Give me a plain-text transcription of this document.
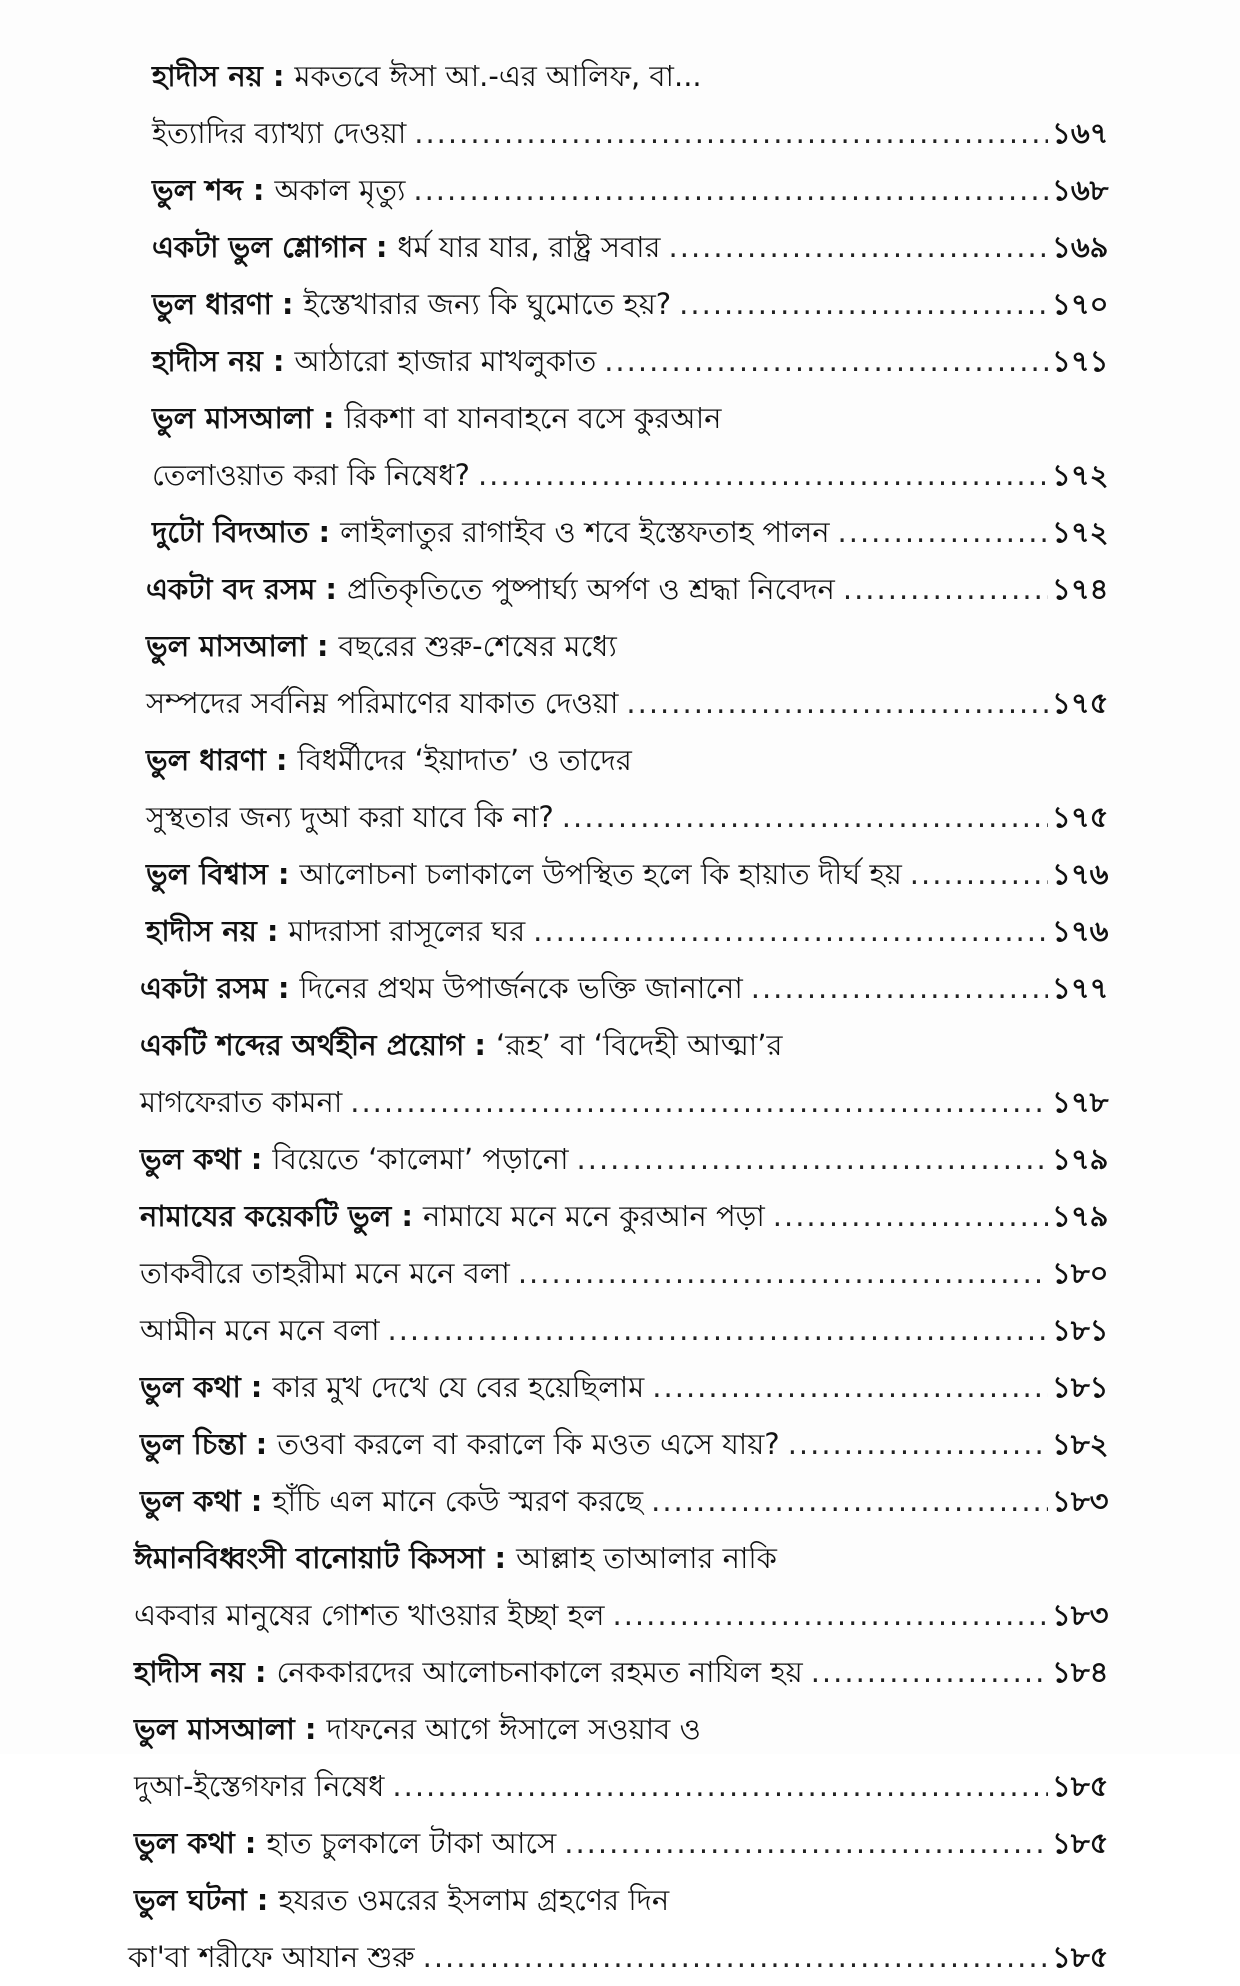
হাদীস নয় : মকতবে ঈসা আ.-এর আলিফ, বা...
ইত্যাদির ব্যাখ্যা দেওয়া .....	১৬৭
ভুল শব্দ : অকাল মৃত্যু .....	১৬৮
একটা ভুল শ্লোগান : ধর্ম যার যার, রাষ্ট্র সবার .....	১৬৯
ভুল ধারণা : ইস্তেখারার জন্য কি ঘুমোতে হয়? .....	১৭০
হাদীস নয় : আঠারো হাজার মাখলুকাত .....	১৭১
ভুল মাসআলা : রিকশা বা যানবাহনে বসে কুরআন
তেলাওয়াত করা কি নিষেধ? .....	১৭২
দুটো বিদআত : লাইলাতুর রাগাইব ও শবে ইস্তেফতাহ পালন .....	১৭২
একটা বদ রসম : প্রতিকৃতিতে পুষ্পার্ঘ্য অর্পণ ও শ্রদ্ধা নিবেদন .....	১৭৪
ভুল মাসআলা : বছরের শুরু-শেষের মধ্যে
সম্পদের সর্বনিম্ন পরিমাণের যাকাত দেওয়া .....	১৭৫
ভুল ধারণা : বিধর্মীদের ‘ইয়াদাত’ ও তাদের
সুস্থতার জন্য দুআ করা যাবে কি না? .....	১৭৫
ভুল বিশ্বাস : আলোচনা চলাকালে উপস্থিত হলে কি হায়াত দীর্ঘ হয় .....	১৭৬
হাদীস নয় : মাদরাসা রাসূলের ঘর .....	১৭৬
একটা রসম : দিনের প্রথম উপার্জনকে ভক্তি জানানো .....	১৭৭
একটি শব্দের অর্থহীন প্রয়োগ : ‘রূহ’ বা ‘বিদেহী আত্মা’র
মাগফেরাত কামনা .....	১৭৮
ভুল কথা : বিয়েতে ‘কালেমা’ পড়ানো .....	১৭৯
নামাযের কয়েকটি ভুল : নামাযে মনে মনে কুরআন পড়া .....	১৭৯
তাকবীরে তাহরীমা মনে মনে বলা .....	১৮০
আমীন মনে মনে বলা .....	১৮১
ভুল কথা : কার মুখ দেখে যে বের হয়েছিলাম .....	১৮১
ভুল চিন্তা : তওবা করলে বা করালে কি মওত এসে যায়? .....	১৮২
ভুল কথা : হাঁচি এল মানে কেউ স্মরণ করছে .....	১৮৩
ঈমানবিধ্বংসী বানোয়াট কিসসা : আল্লাহ তাআলার নাকি
একবার মানুষের গোশত খাওয়ার ইচ্ছা হল .....	১৮৩
হাদীস নয় : নেককারদের আলোচনাকালে রহমত নাযিল হয় .....	১৮৪
ভুল মাসআলা : দাফনের আগে ঈসালে সওয়াব ও
দুআ-ইস্তেগফার নিষেধ .....	১৮৫
ভুল কথা : হাত চুলকালে টাকা আসে .....	১৮৫
ভুল ঘটনা : হযরত ওমরের ইসলাম গ্রহণের দিন
কা'বা শরীফে আযান শুরু .....	১৮৫
